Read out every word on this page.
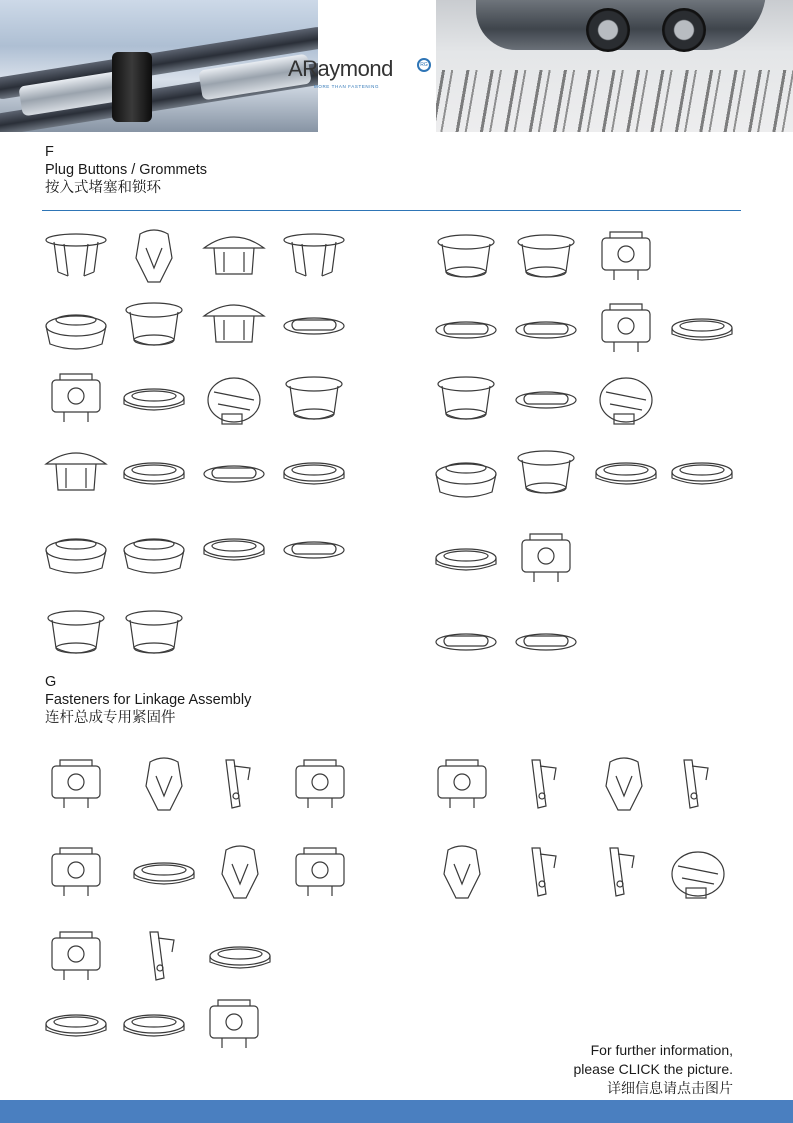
ARaymond	RG
MORE THAN FASTENING
F
Plug Buttons / Grommets
按入式堵塞和锁环
G
Fasteners for Linkage Assembly
连杆总成专用紧固件
For further information,
please CLICK the picture.
详细信息请点击图片
